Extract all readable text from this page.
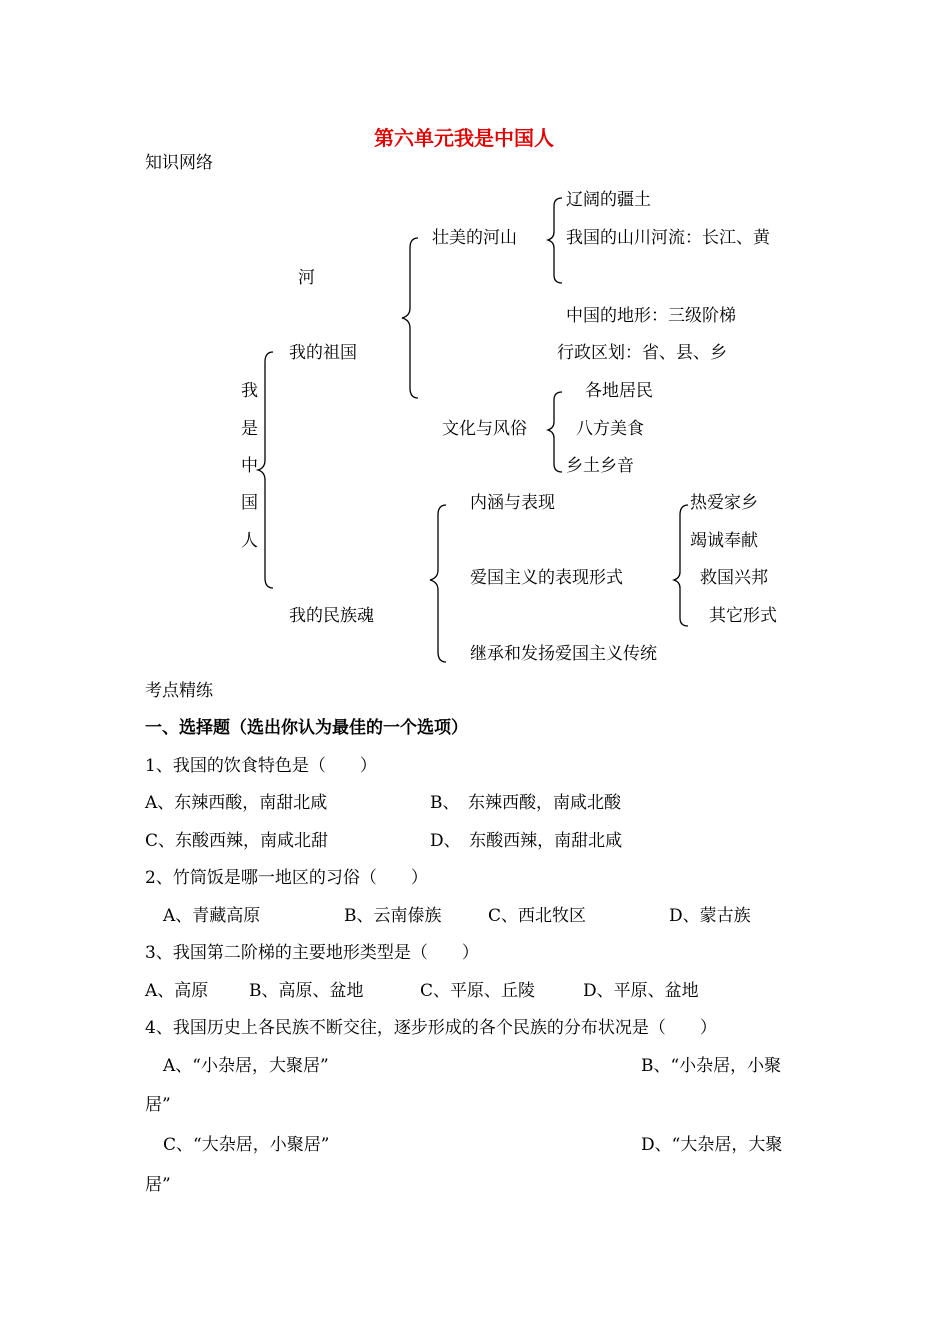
第六单元我是中国人
知识网络
我
是
中
国
人
我的祖国
壮美的河山
辽阔的疆土
我国的山川河流：长江、黄
河
中国的地形：三级阶梯
行政区划：省、县、乡
文化与风俗
各地居民
八方美食
乡土乡音
我的民族魂
内涵与表现
爱国主义的表现形式
继承和发扬爱国主义传统
热爱家乡
竭诚奉献
救国兴邦
其它形式
考点精练
一、选择题（选出你认为最佳的一个选项）
1、我国的饮食特色是（　　）
A、东辣西酸，南甜北咸	B、　东辣西酸，南咸北酸
C、东酸西辣，南咸北甜	D、　东酸西辣，南甜北咸
2、竹筒饭是哪一地区的习俗（　　）
A、青藏高原	B、云南傣族	C、西北牧区	D、蒙古族
3、我国第二阶梯的主要地形类型是（　　）
A、高原 B、高原、盆地	C、平原、丘陵	D、平原、盆地
4、我国历史上各民族不断交往，逐步形成的各个民族的分布状况是（　　）
A、“小杂居，大聚居”	B、“小杂居，小聚
居”
C、“大杂居，小聚居”	D、“大杂居，大聚
居”
